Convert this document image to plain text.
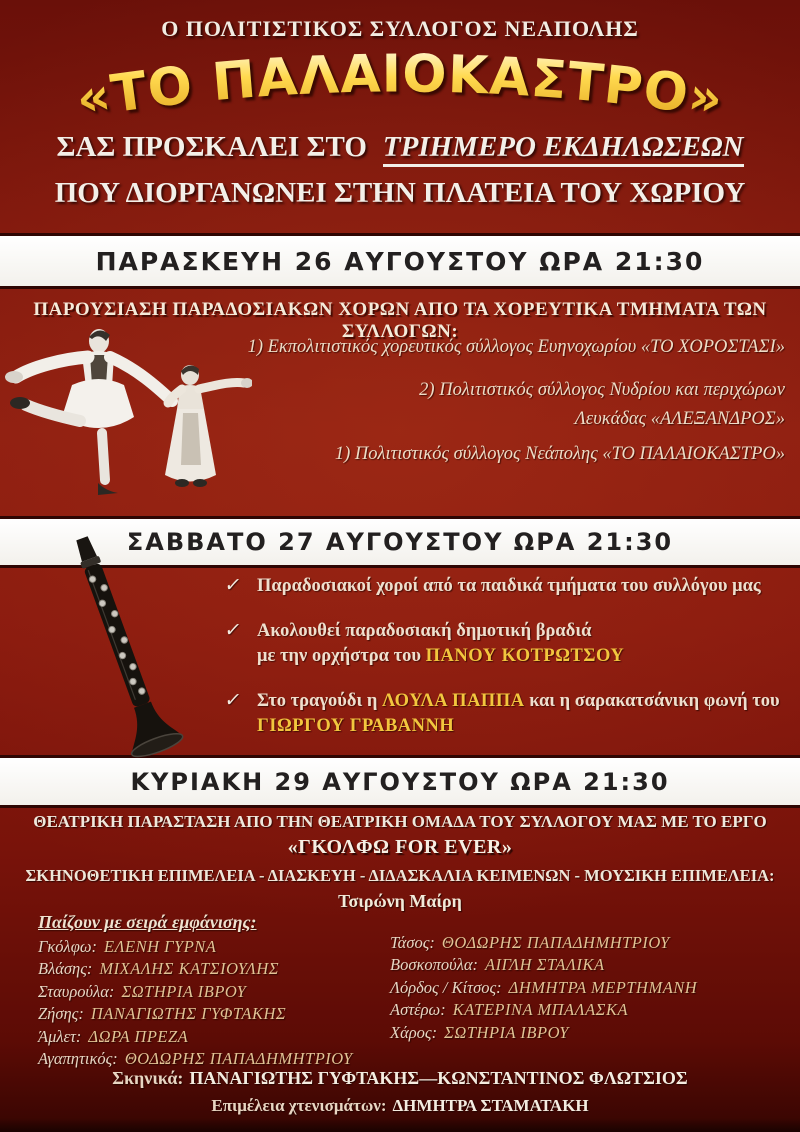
Ο ΠΟΛΙΤΙΣΤΙΚΟΣ ΣΥΛΛΟΓΟΣ ΝΕΑΠΟΛΗΣ
«ΤΟ ΠΑΛΑΙΟΚΑΣΤΡΟ»
ΣΑΣ ΠΡΟΣΚΑΛΕΙ ΣΤΟ ΤΡΙΗΜΕΡΟ ΕΚΔΗΛΩΣΕΩΝ
ΠΟΥ ΔΙΟΡΓΑΝΩΝΕΙ ΣΤΗΝ ΠΛΑΤΕΙΑ ΤΟΥ ΧΩΡΙΟΥ
ΠΑΡΑΣΚΕΥΗ 26 ΑΥΓΟΥΣΤΟΥ ΩΡΑ 21:30
ΠΑΡΟΥΣΙΑΣΗ ΠΑΡΑΔΟΣΙΑΚΩΝ ΧΟΡΩΝ ΑΠΟ ΤΑ ΧΟΡΕΥΤΙΚΑ ΤΜΗΜΑΤΑ ΤΩΝ ΣΥΛΛΟΓΩΝ:
1) Εκπολιτιστικός χορευτικός σύλλογος Ευηνοχωρίου «ΤΟ ΧΟΡΟΣΤΑΣΙ»
2) Πολιτιστικός σύλλογος Νυδρίου και περιχώρων
Λευκάδας «ΑΛΕΞΑΝΔΡΟΣ»
1) Πολιτιστικός σύλλογος Νεάπολης «ΤΟ ΠΑΛΑΙΟΚΑΣΤΡΟ»
ΣΑΒΒΑΤΟ 27 ΑΥΓΟΥΣΤΟΥ ΩΡΑ 21:30
✓ Παραδοσιακοί χοροί από τα παιδικά τμήματα του συλλόγου μας
✓ Ακολουθεί παραδοσιακή δημοτική βραδιά
με την ορχήστρα του ΠΑΝΟΥ ΚΟΤΡΩΤΣΟΥ
✓ Στο τραγούδι η ΛΟΥΛΑ ΠΑΠΠΑ και η σαρακατσάνικη φωνή του
ΓΙΩΡΓΟΥ ΓΡΑΒΑΝΝΗ
ΚΥΡΙΑΚΗ 29 ΑΥΓΟΥΣΤΟΥ ΩΡΑ 21:30
ΘΕΑΤΡΙΚΗ ΠΑΡΑΣΤΑΣΗ ΑΠΟ ΤΗΝ ΘΕΑΤΡΙΚΗ ΟΜΑΔΑ ΤΟΥ ΣΥΛΛΟΓΟΥ ΜΑΣ ΜΕ ΤΟ ΕΡΓΟ
«ΓΚΟΛΦΩ FOR EVER»
ΣΚΗΝΟΘΕΤΙΚΗ ΕΠΙΜΕΛΕΙΑ - ΔΙΑΣΚΕΥΗ - ΔΙΔΑΣΚΑΛΙΑ ΚΕΙΜΕΝΩΝ - ΜΟΥΣΙΚΗ ΕΠΙΜΕΛΕΙΑ:
Τσιρώνη Μαίρη
Παίζουν με σειρά εμφάνισης:
Γκόλφω: ΕΛΕΝΗ ΓΥΡΝΑ
Βλάσης: ΜΙΧΑΛΗΣ ΚΑΤΣΙΟΥΛΗΣ
Σταυρούλα: ΣΩΤΗΡΙΑ ΙΒΡΟΥ
Ζήσης: ΠΑΝΑΓΙΩΤΗΣ ΓΥΦΤΑΚΗΣ
Άμλετ: ΔΩΡΑ ΠΡΕΖΑ
Αγαπητικός: ΘΟΔΩΡΗΣ ΠΑΠΑΔΗΜΗΤΡΙΟΥ
Τάσος: ΘΟΔΩΡΗΣ ΠΑΠΑΔΗΜΗΤΡΙΟΥ
Βοσκοπούλα: ΑΙΓΛΗ ΣΤΑΛΙΚΑ
Λόρδος / Κίτσος: ΔΗΜΗΤΡΑ ΜΕΡΤΗΜΑΝΗ
Αστέρω: ΚΑΤΕΡΙΝΑ ΜΠΑΛΑΣΚΑ
Χάρος: ΣΩΤΗΡΙΑ ΙΒΡΟΥ
Σκηνικά: ΠΑΝΑΓΙΩΤΗΣ ΓΥΦΤΑΚΗΣ—ΚΩΝΣΤΑΝΤΙΝΟΣ ΦΛΩΤΣΙΟΣ
Επιμέλεια χτενισμάτων: ΔΗΜΗΤΡΑ ΣΤΑΜΑΤΑΚΗ
